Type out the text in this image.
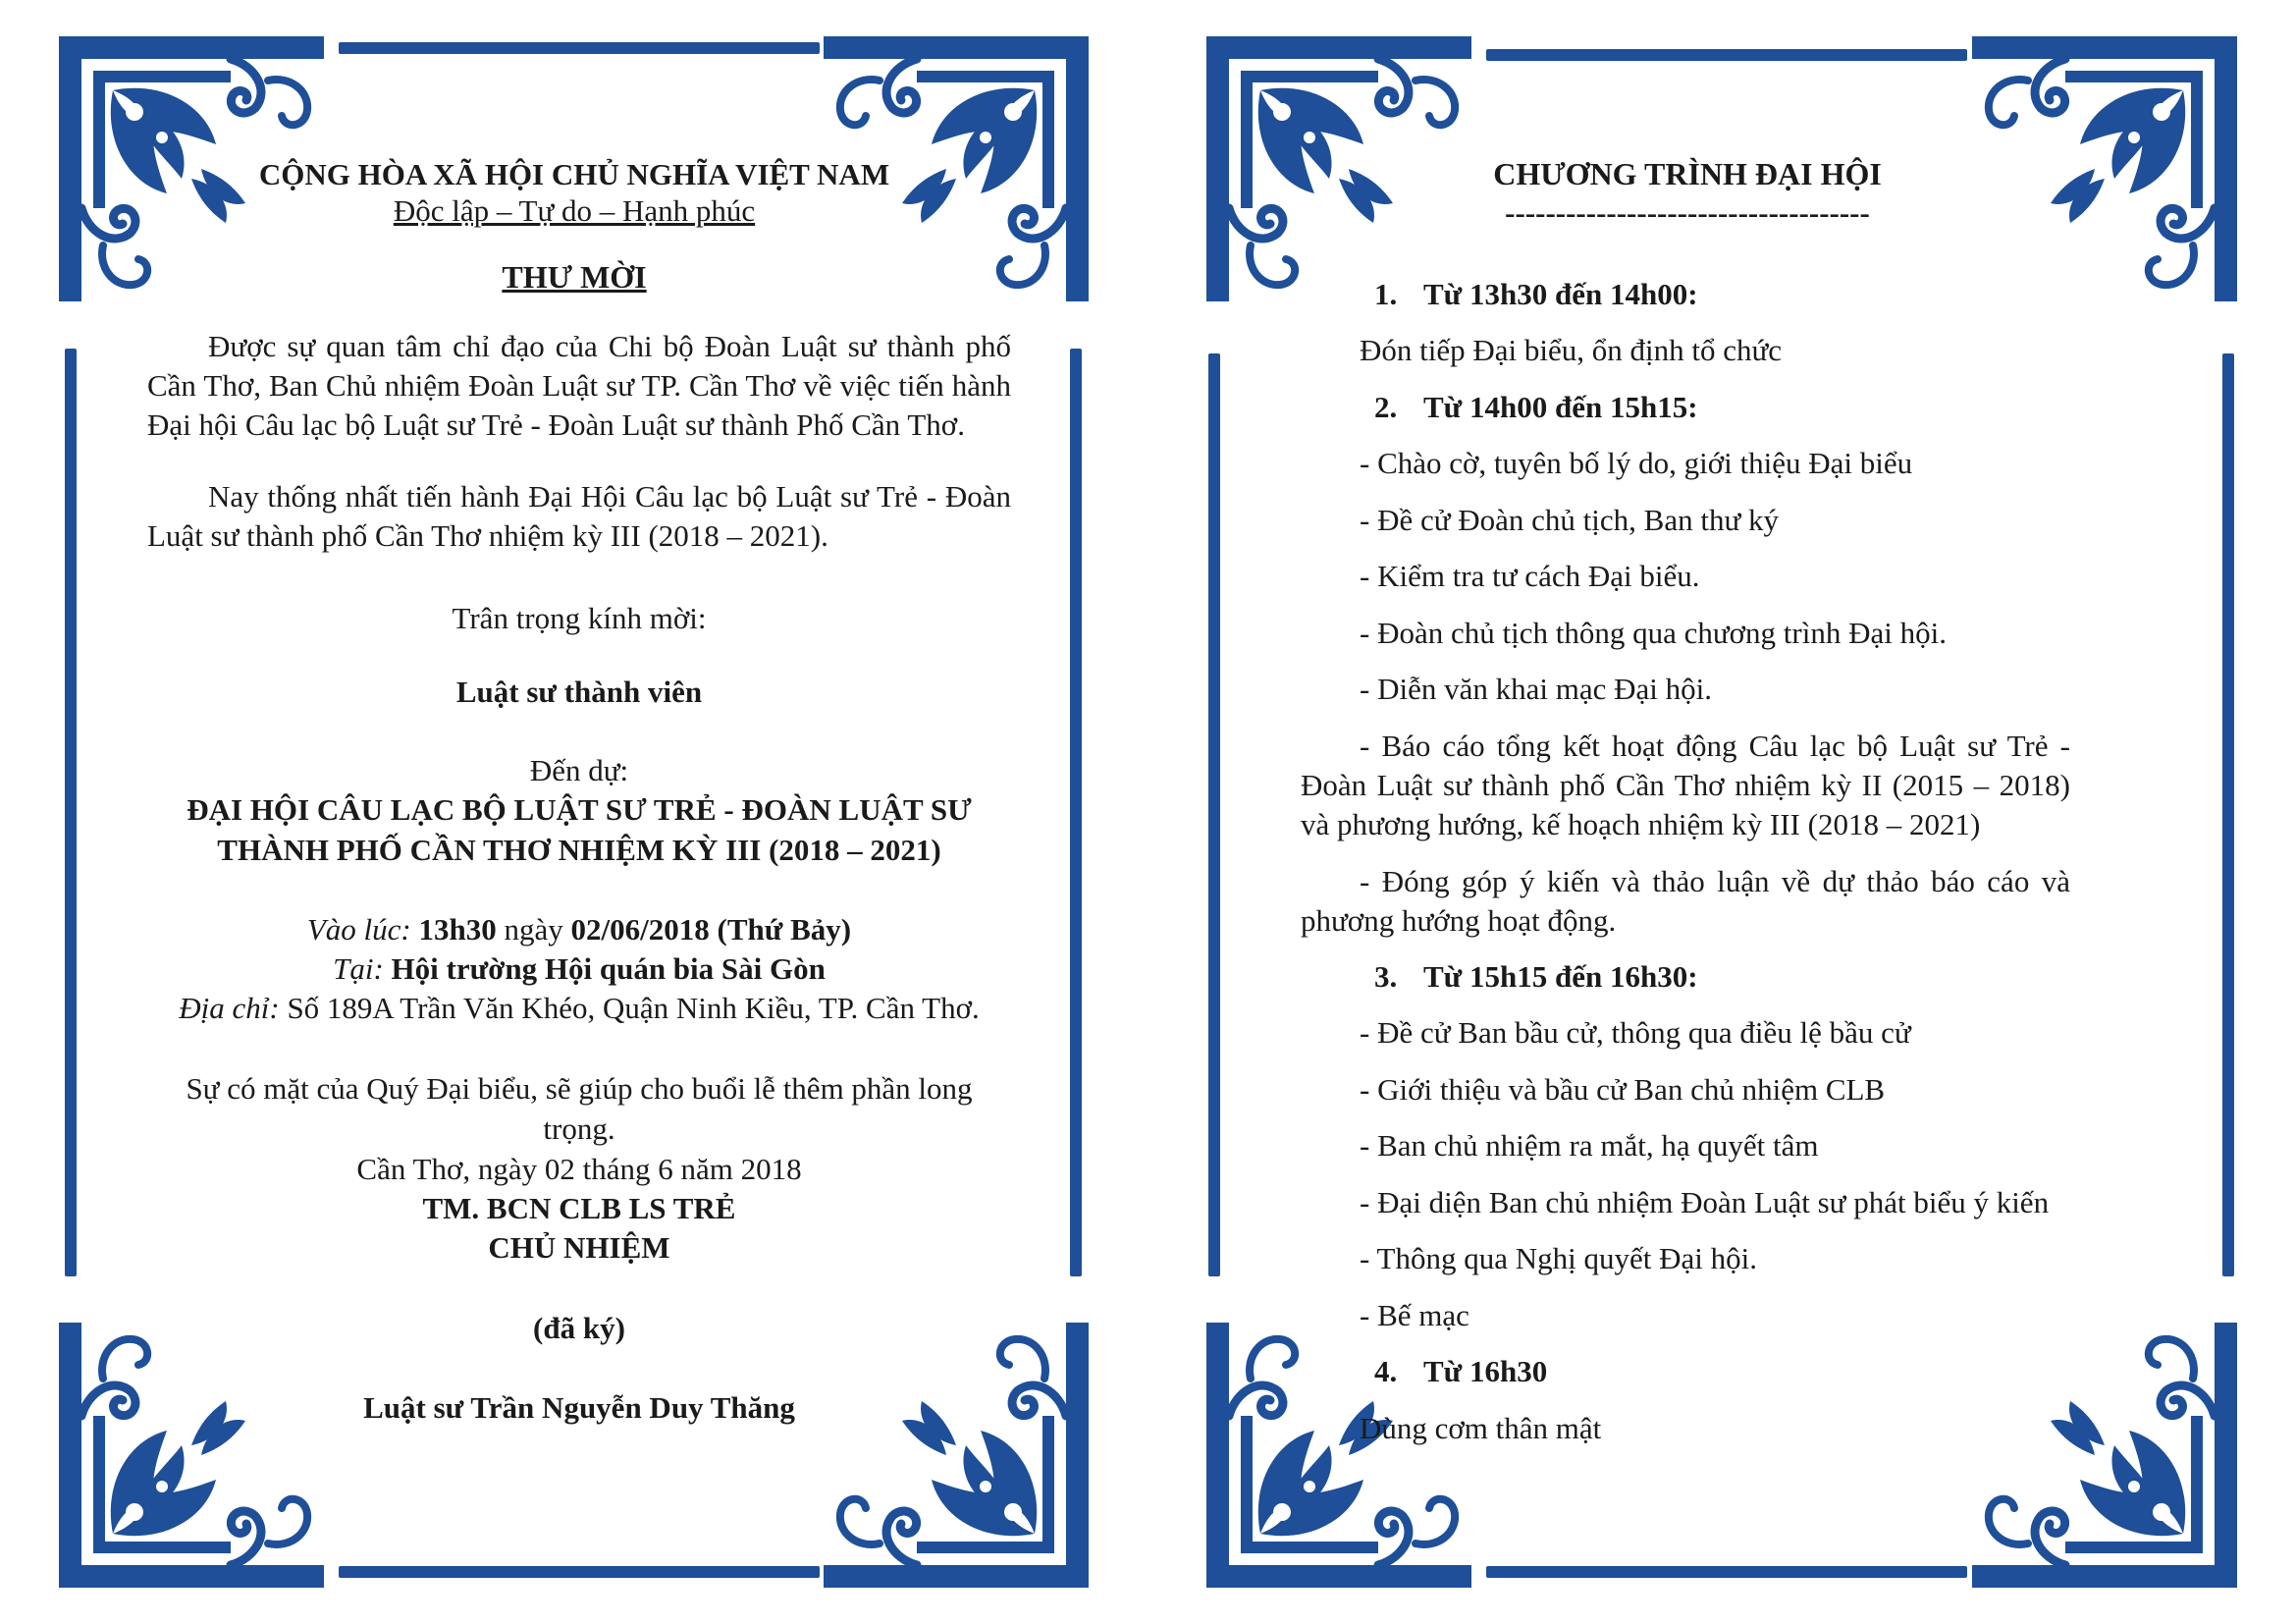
CỘNG HÒA XÃ HỘI CHỦ NGHĨA VIỆT NAM

Độc lập – Tự do – Hạnh phúc

THƯ MỜI

Được sự quan tâm chỉ đạo của Chi bộ Đoàn Luật sư thành phố Cần Thơ, Ban Chủ nhiệm Đoàn Luật sư TP. Cần Thơ về việc tiến hành Đại hội Câu lạc bộ Luật sư Trẻ - Đoàn Luật sư thành Phố Cần Thơ.

Nay thống nhất tiến hành Đại Hội Câu lạc bộ Luật sư Trẻ - Đoàn Luật sư thành phố Cần Thơ nhiệm kỳ III (2018 – 2021).

Trân trọng kính mời:

Luật sư thành viên

Đến dự:

ĐẠI HỘI CÂU LẠC BỘ LUẬT SƯ TRẺ - ĐOÀN LUẬT SƯ
THÀNH PHỐ CẦN THƠ NHIỆM KỲ III (2018 – 2021)

Vào lúc: 13h30 ngày 02/06/2018 (Thứ Bảy)

Tại: Hội trường Hội quán bia Sài Gòn

Địa chỉ: Số 189A Trần Văn Khéo, Quận Ninh Kiều, TP. Cần Thơ.

Sự có mặt của Quý Đại biểu, sẽ giúp cho buổi lễ thêm phần long trọng.

Cần Thơ, ngày 02 tháng 6 năm 2018

TM. BCN CLB LS TRẺ

CHỦ NHIỆM

(đã ký)

Luật sư Trần Nguyễn Duy Thăng

CHƯƠNG TRÌNH ĐẠI HỘI

------------------------------------

1. Từ 13h30 đến 14h00:

Đón tiếp Đại biểu, ổn định tổ chức

2. Từ 14h00 đến 15h15:

- Chào cờ, tuyên bố lý do, giới thiệu Đại biểu

- Đề cử Đoàn chủ tịch, Ban thư ký

- Kiểm tra tư cách Đại biểu.

- Đoàn chủ tịch thông qua chương trình Đại hội.

- Diễn văn khai mạc Đại hội.

- Báo cáo tổng kết hoạt động Câu lạc bộ Luật sư Trẻ - Đoàn Luật sư thành phố Cần Thơ nhiệm kỳ II (2015 – 2018) và phương hướng, kế hoạch nhiệm kỳ III (2018 – 2021)

- Đóng góp ý kiến và thảo luận về dự thảo báo cáo và phương hướng hoạt động.

3. Từ 15h15 đến 16h30:

- Đề cử Ban bầu cử, thông qua điều lệ bầu cử

- Giới thiệu và bầu cử Ban chủ nhiệm CLB

- Ban chủ nhiệm ra mắt, hạ quyết tâm

- Đại diện Ban chủ nhiệm Đoàn Luật sư phát biểu ý kiến

- Thông qua Nghị quyết Đại hội.

- Bế mạc

4. Từ 16h30

Dùng cơm thân mật
